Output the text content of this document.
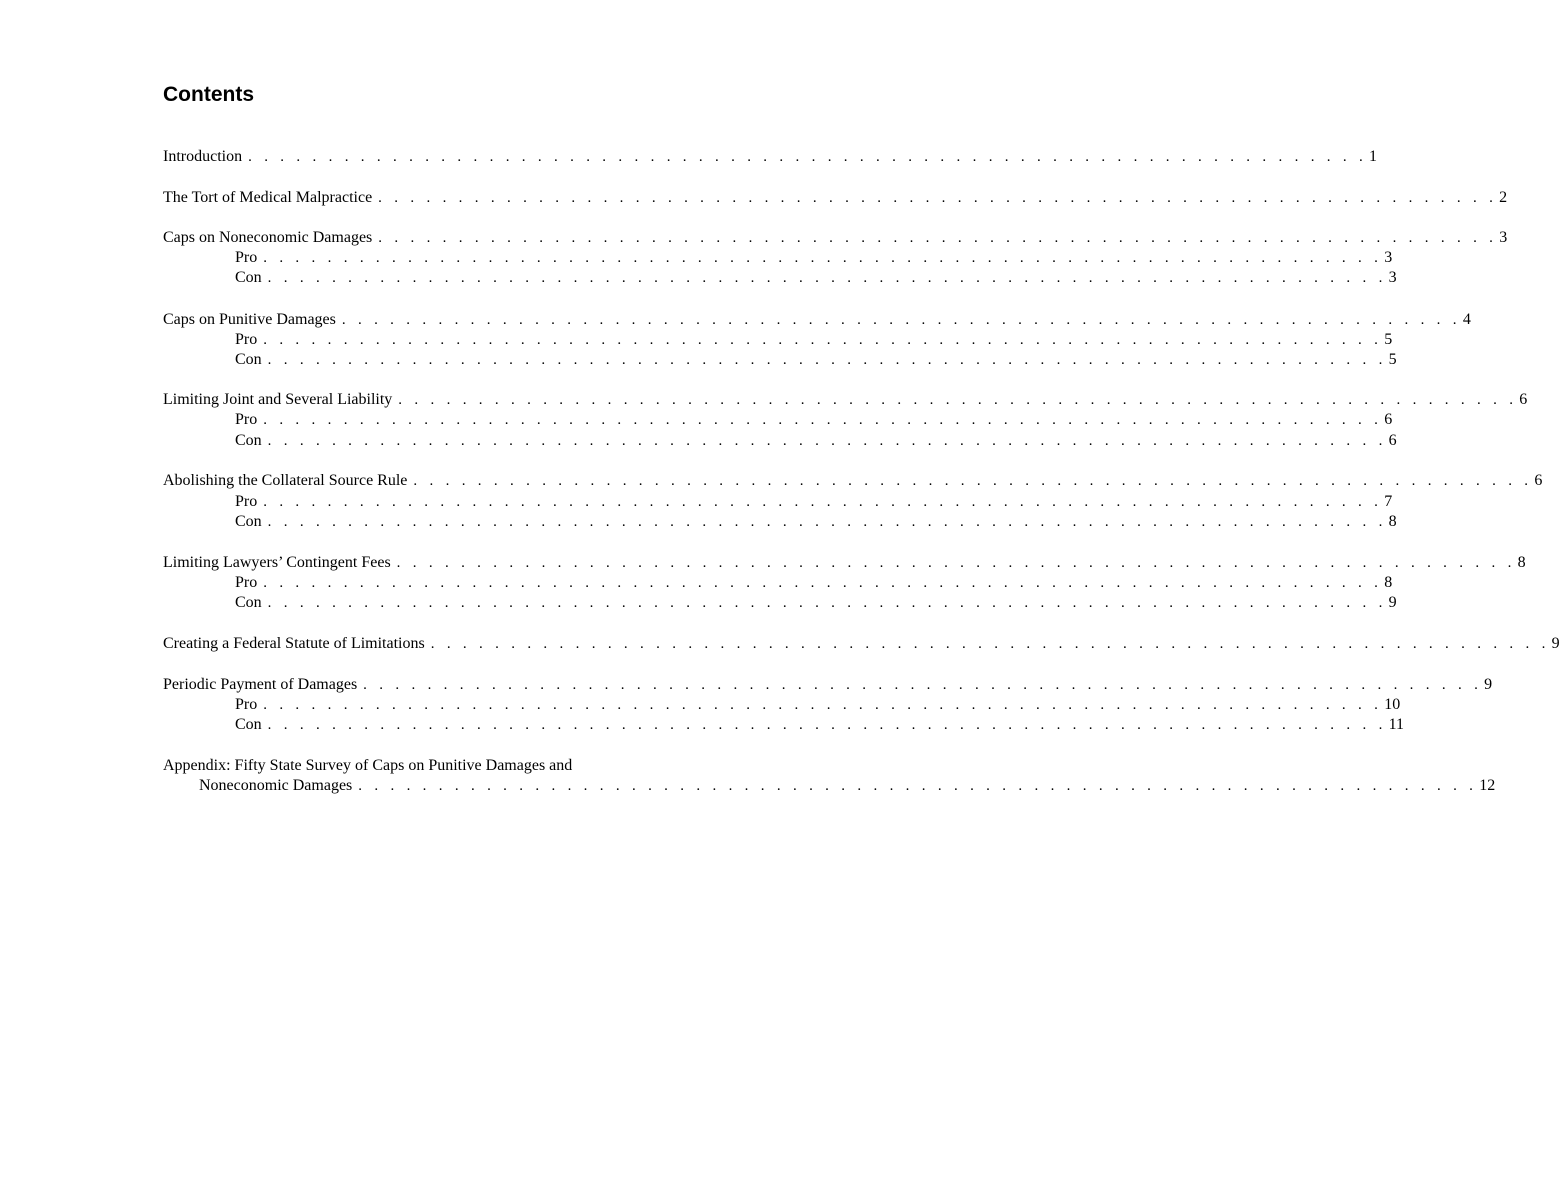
Contents
Introduction . . . . . . . . . . . . . . . . . . . . . . . . . . . . . . . . . . . . . . . . . . . . . . . . . . . . . . . . . . . . . . . . . . . . . . 1
The Tort of Medical Malpractice . . . . . . . . . . . . . . . . . . . . . . . . . . . . . . . . . . . . . . . . . . . . . . . . . . . . . . . . . . . . . . . . . . . . . . 2
Caps on Noneconomic Damages . . . . . . . . . . . . . . . . . . . . . . . . . . . . . . . . . . . . . . . . . . . . . . . . . . . . . . . . . . . . . . . . . . . . . . 3
Pro . . . . . . . . . . . . . . . . . . . . . . . . . . . . . . . . . . . . . . . . . . . . . . . . . . . . . . . . . . . . . . . . . . . . . . 3
Con . . . . . . . . . . . . . . . . . . . . . . . . . . . . . . . . . . . . . . . . . . . . . . . . . . . . . . . . . . . . . . . . . . . . . . 3
Caps on Punitive Damages . . . . . . . . . . . . . . . . . . . . . . . . . . . . . . . . . . . . . . . . . . . . . . . . . . . . . . . . . . . . . . . . . . . . . . 4
Pro . . . . . . . . . . . . . . . . . . . . . . . . . . . . . . . . . . . . . . . . . . . . . . . . . . . . . . . . . . . . . . . . . . . . . . 5
Con . . . . . . . . . . . . . . . . . . . . . . . . . . . . . . . . . . . . . . . . . . . . . . . . . . . . . . . . . . . . . . . . . . . . . . 5
Limiting Joint and Several Liability . . . . . . . . . . . . . . . . . . . . . . . . . . . . . . . . . . . . . . . . . . . . . . . . . . . . . . . . . . . . . . . . . . . . . . 6
Pro . . . . . . . . . . . . . . . . . . . . . . . . . . . . . . . . . . . . . . . . . . . . . . . . . . . . . . . . . . . . . . . . . . . . . . 6
Con . . . . . . . . . . . . . . . . . . . . . . . . . . . . . . . . . . . . . . . . . . . . . . . . . . . . . . . . . . . . . . . . . . . . . . 6
Abolishing the Collateral Source Rule . . . . . . . . . . . . . . . . . . . . . . . . . . . . . . . . . . . . . . . . . . . . . . . . . . . . . . . . . . . . . . . . . . . . . . 6
Pro . . . . . . . . . . . . . . . . . . . . . . . . . . . . . . . . . . . . . . . . . . . . . . . . . . . . . . . . . . . . . . . . . . . . . . 7
Con . . . . . . . . . . . . . . . . . . . . . . . . . . . . . . . . . . . . . . . . . . . . . . . . . . . . . . . . . . . . . . . . . . . . . . 8
Limiting Lawyers’ Contingent Fees . . . . . . . . . . . . . . . . . . . . . . . . . . . . . . . . . . . . . . . . . . . . . . . . . . . . . . . . . . . . . . . . . . . . . . 8
Pro . . . . . . . . . . . . . . . . . . . . . . . . . . . . . . . . . . . . . . . . . . . . . . . . . . . . . . . . . . . . . . . . . . . . . . 8
Con . . . . . . . . . . . . . . . . . . . . . . . . . . . . . . . . . . . . . . . . . . . . . . . . . . . . . . . . . . . . . . . . . . . . . . 9
Creating a Federal Statute of Limitations . . . . . . . . . . . . . . . . . . . . . . . . . . . . . . . . . . . . . . . . . . . . . . . . . . . . . . . . . . . . . . . . . . . . . . 9
Periodic Payment of Damages . . . . . . . . . . . . . . . . . . . . . . . . . . . . . . . . . . . . . . . . . . . . . . . . . . . . . . . . . . . . . . . . . . . . . . 9
Pro . . . . . . . . . . . . . . . . . . . . . . . . . . . . . . . . . . . . . . . . . . . . . . . . . . . . . . . . . . . . . . . . . . . . . . 10
Con . . . . . . . . . . . . . . . . . . . . . . . . . . . . . . . . . . . . . . . . . . . . . . . . . . . . . . . . . . . . . . . . . . . . . . 11
Appendix: Fifty State Survey of Caps on Punitive Damages and
Noneconomic Damages . . . . . . . . . . . . . . . . . . . . . . . . . . . . . . . . . . . . . . . . . . . . . . . . . . . . . . . . . . . . . . . . . . . . . . 12
